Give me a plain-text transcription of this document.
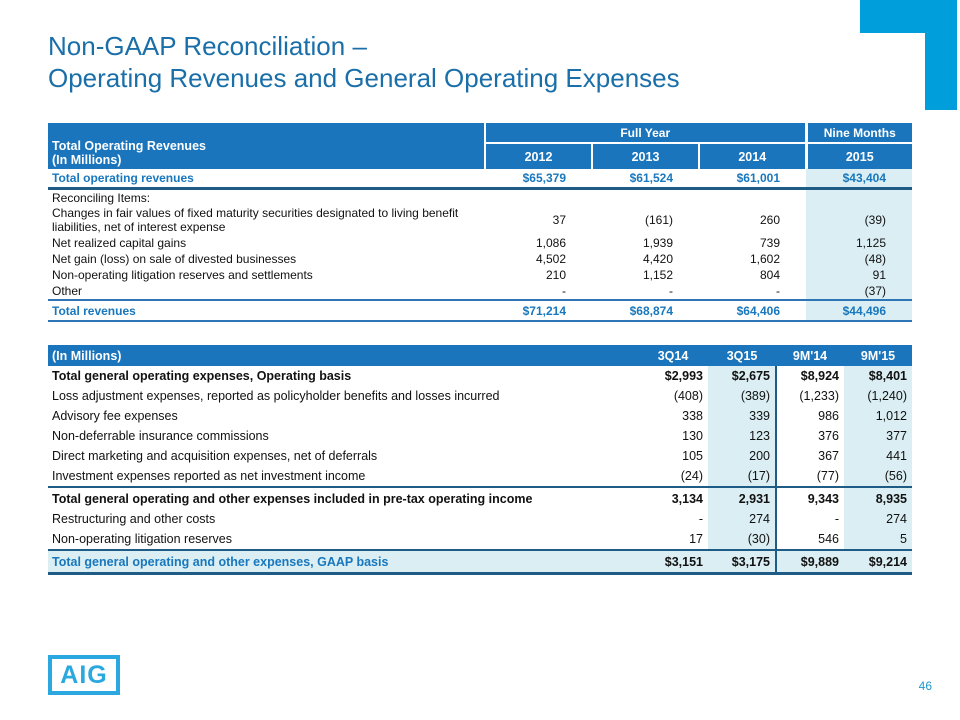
Non-GAAP Reconciliation –
Operating Revenues and General Operating Expenses
Total Operating Revenues
(In Millions)	Full Year			Nine Months
	2012	2013	2014	2015
Total operating revenues	$65,379	$61,524	$61,001	$43,404
Reconciling Items:				
Changes in fair values of fixed maturity securities designated to living benefit liabilities, net of interest expense	37	(161)	260	(39)
Net realized capital gains	1,086	1,939	739	1,125
Net gain (loss) on sale of divested businesses	4,502	4,420	1,602	(48)
Non-operating litigation reserves and settlements	210	1,152	804	91
Other	-	-	-	(37)
Total revenues	$71,214	$68,874	$64,406	$44,496
(In Millions)	3Q14	3Q15	9M'14	9M'15
Total general operating expenses, Operating basis	$2,993	$2,675	$8,924	$8,401
Loss adjustment expenses, reported as policyholder benefits and losses incurred	(408)	(389)	(1,233)	(1,240)
Advisory fee expenses	338	339	986	1,012
Non-deferrable insurance commissions	130	123	376	377
Direct marketing and acquisition expenses, net of deferrals	105	200	367	441
Investment expenses reported as net investment income	(24)	(17)	(77)	(56)
Total general operating and other expenses included in pre-tax operating income	3,134	2,931	9,343	8,935
Restructuring and other costs	-	274	-	274
Non-operating litigation reserves	17	(30)	546	5
Total general operating and other expenses, GAAP basis	$3,151	$3,175	$9,889	$9,214
AIG	46
